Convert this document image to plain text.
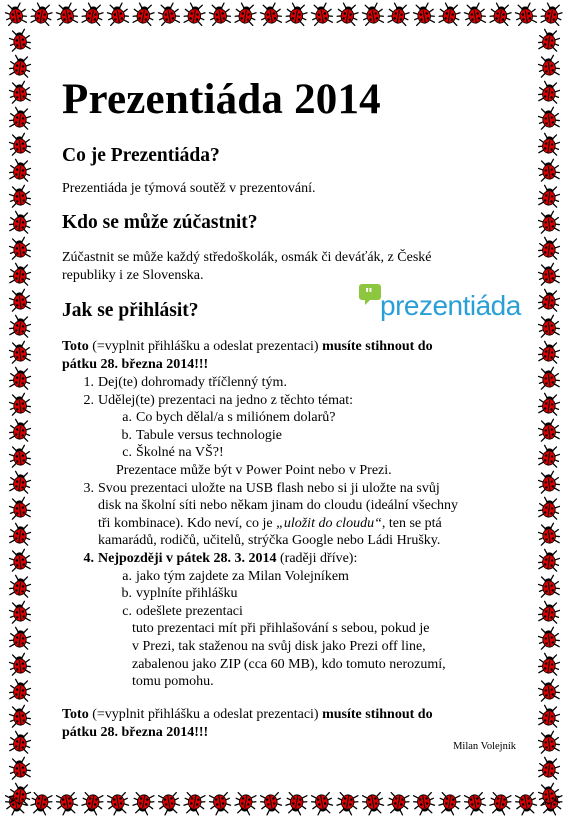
Prezentiáda 2014
Co je Prezentiáda?

Prezentiáda je týmová soutěž v prezentování.

Kdo se může zúčastnit?

Zúčastnit se může každý středoškolák, osmák či deváťák, z České

republiky i ze Slovenska.

Jak se přihlásit?
" prezentiáda

Toto (=vyplnit přihlášku a odeslat prezentaci) musíte stihnout do

pátku 28. března 2014!!!

1. Dej(te) dohromady tříčlenný tým.
2. Udělej(te) prezentaci na jedno z těchto témat:
a. Co bych dělal/a s miliónem dolarů?
b. Tabule versus technologie
c. Školné na VŠ?!
Prezentace může být v Power Point nebo v Prezi.
3. Svou prezentaci uložte na USB flash nebo si ji uložte na svůj
disk na školní síti nebo někam jinam do cloudu (ideální všechny
tři kombinace). Kdo neví, co je „uložit do cloudu“, ten se ptá
kamarádů, rodičů, učitelů, strýčka Google nebo Ládi Hrušky.
4. Nejpozději v pátek 28. 3. 2014 (raději dříve):
a. jako tým zajdete za Milan Volejníkem
b. vyplníte přihlášku
c. odešlete prezentaci
tuto prezentaci mít při přihlašování s sebou, pokud je
v Prezi, tak staženou na svůj disk jako Prezi off line,
zabalenou jako ZIP (cca 60 MB), kdo tomuto nerozumí,
tomu pomohu.

Toto (=vyplnit přihlášku a odeslat prezentaci) musíte stihnout do

pátku 28. března 2014!!!

Milan Volejník
